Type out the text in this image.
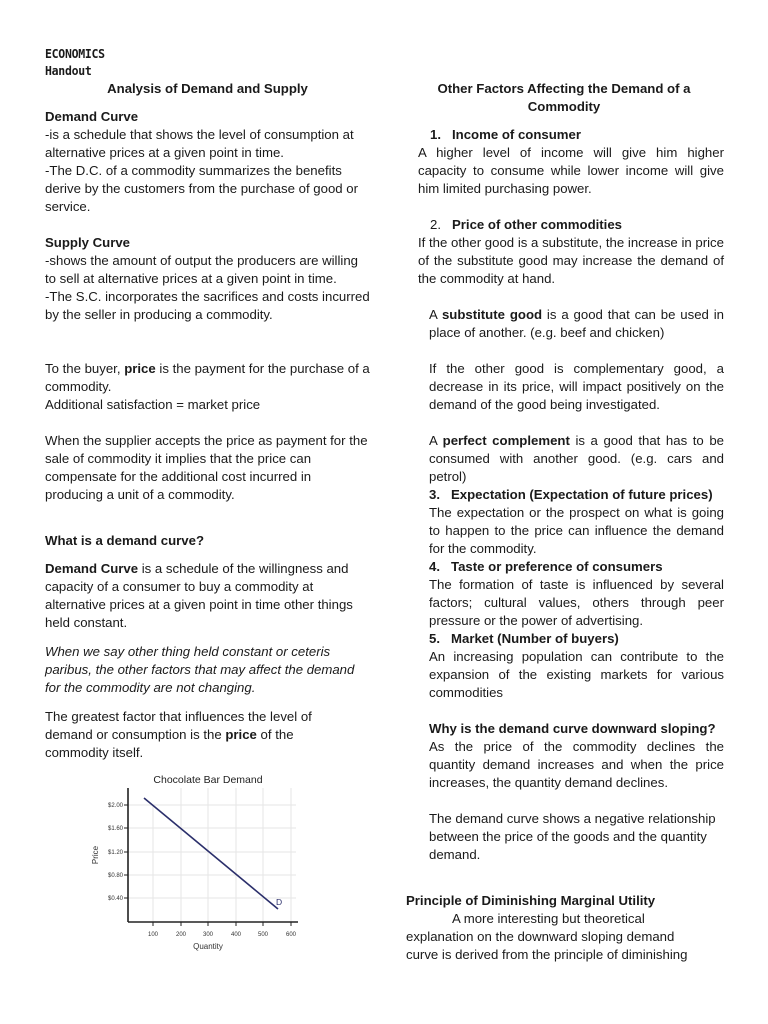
ECONOMICS
Handout
Analysis of Demand and Supply

Demand Curve

-is a schedule that shows the level of consumption at alternative prices at a given point in time.

-The D.C. of a commodity summarizes the benefits derive by the customers from the purchase of good or service.

Supply Curve

-shows the amount of output the producers are willing to sell at alternative prices at a given point in time.

-The S.C. incorporates the sacrifices and costs incurred by the seller in producing a commodity.

To the buyer, price is the payment for the purchase of a commodity.

Additional satisfaction = market price

When the supplier accepts the price as payment for the sale of commodity it implies that the price can compensate for the additional cost incurred in producing a unit of a commodity.
What is a demand curve?
Demand Curve is a schedule of the willingness and capacity of a consumer to buy a commodity at alternative prices at a given point in time other things held constant.
When we say other thing held constant or ceteris paribus, the other factors that may affect the demand for the commodity are not changing.
The greatest factor that influences the level of demand or consumption is the price of the commodity itself.
Chocolate Bar Demand
$2.00
$1.60
$1.20
$0.80
$0.40
100	200	300	400	500	600
Quantity
Price
D
Other Factors Affecting the Demand of a Commodity

1. Income of consumer

A higher level of income will give him higher capacity to consume while lower income will give him limited purchasing power.

2. Price of other commodities

If the other good is a substitute, the increase in price of the substitute good may increase the demand of the commodity at hand.

A substitute good is a good that can be used in place of another. (e.g. beef and chicken)
If the other good is complementary good, a decrease in its price, will impact positively on the demand of the good being investigated.
A perfect complement is a good that has to be consumed with another good. (e.g. cars and petrol)

3. Expectation (Expectation of future prices)

The expectation or the prospect on what is going to happen to the price can influence the demand for the commodity.

4. Taste or preference of consumers

The formation of taste is influenced by several factors; cultural values, others through peer pressure or the power of advertising.

5. Market (Number of buyers)

An increasing population can contribute to the expansion of the existing markets for various commodities

Why is the demand curve downward sloping?

As the price of the commodity declines the quantity demand increases and when the price increases, the quantity demand declines.

The demand curve shows a negative relationship between the price of the goods and the quantity demand.

Principle of Diminishing Marginal Utility

A more interesting but theoretical explanation on the downward sloping demand curve is derived from the principle of diminishing
